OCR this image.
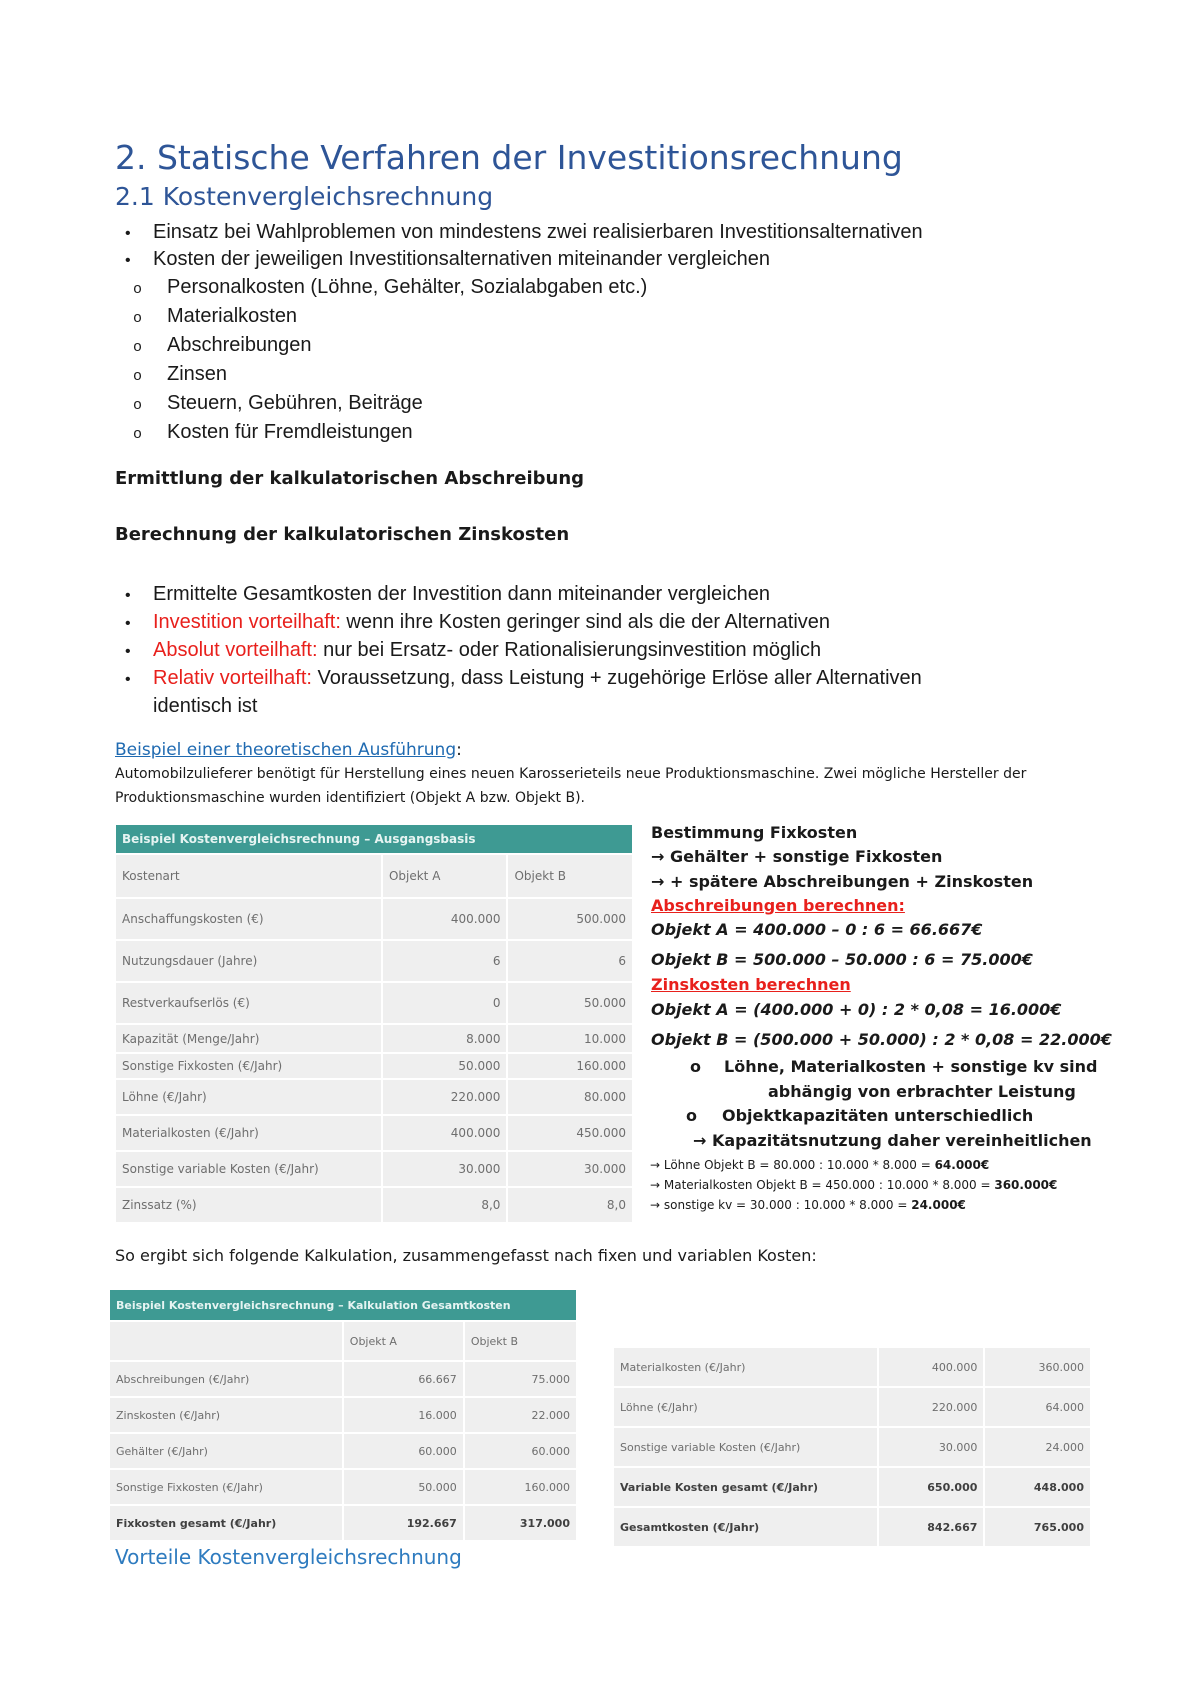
2. Statische Verfahren der Investitionsrechnung
2.1 Kostenvergleichsrechnung
• Einsatz bei Wahlproblemen von mindestens zwei realisierbaren Investitionsalternativen
• Kosten der jeweiligen Investitionsalternativen miteinander vergleichen
o Personalkosten (Löhne, Gehälter, Sozialabgaben etc.)
o Materialkosten
o Abschreibungen
o Zinsen
o Steuern, Gebühren, Beiträge
o Kosten für Fremdleistungen
Ermittlung der kalkulatorischen Abschreibung
Berechnung der kalkulatorischen Zinskosten
• Ermittelte Gesamtkosten der Investition dann miteinander vergleichen
• Investition vorteilhaft: wenn ihre Kosten geringer sind als die der Alternativen
• Absolut vorteilhaft: nur bei Ersatz- oder Rationalisierungsinvestition möglich
• Relativ vorteilhaft: Voraussetzung, dass Leistung + zugehörige Erlöse aller Alternativen
identisch ist
Beispiel einer theoretischen Ausführung:
Automobilzulieferer benötigt für Herstellung eines neuen Karosserieteils neue Produktionsmaschine. Zwei mögliche Hersteller der
Produktionsmaschine wurden identifiziert (Objekt A bzw. Objekt B).
Beispiel Kostenvergleichsrechnung – Ausgangsbasis		
Kostenart	Objekt A	Objekt B
Anschaffungskosten (€)	400.000	500.000
Nutzungsdauer (Jahre)	6	6
Restverkaufserlös (€)	0	50.000
Kapazität (Menge/Jahr)	8.000	10.000
Sonstige Fixkosten (€/Jahr)	50.000	160.000
Löhne (€/Jahr)	220.000	80.000
Materialkosten (€/Jahr)	400.000	450.000
Sonstige variable Kosten (€/Jahr)	30.000	30.000
Zinssatz (%)	8,0	8,0
Bestimmung Fixkosten
→ Gehälter + sonstige Fixkosten
→ + spätere Abschreibungen + Zinskosten
Abschreibungen berechnen:
Objekt A = 400.000 – 0 : 6 = 66.667€
Objekt B = 500.000 – 50.000 : 6 = 75.000€
Zinskosten berechnen
Objekt A = (400.000 + 0) : 2 * 0,08 = 16.000€
Objekt B = (500.000 + 50.000) : 2 * 0,08 = 22.000€
o Löhne, Materialkosten + sonstige kv sind
abhängig von erbrachter Leistung
o Objektkapazitäten unterschiedlich
→ Kapazitätsnutzung daher vereinheitlichen
→ Löhne Objekt B = 80.000 : 10.000 * 8.000 = 64.000€
→ Materialkosten Objekt B = 450.000 : 10.000 * 8.000 = 360.000€
→ sonstige kv = 30.000 : 10.000 * 8.000 = 24.000€
So ergibt sich folgende Kalkulation, zusammengefasst nach fixen und variablen Kosten:
Beispiel Kostenvergleichsrechnung – Kalkulation Gesamtkosten		
	Objekt A	Objekt B
Abschreibungen (€/Jahr)	66.667	75.000
Zinskosten (€/Jahr)	16.000	22.000
Gehälter (€/Jahr)	60.000	60.000
Sonstige Fixkosten (€/Jahr)	50.000	160.000
Fixkosten gesamt (€/Jahr)	192.667	317.000
Materialkosten (€/Jahr)	400.000	360.000
Löhne (€/Jahr)	220.000	64.000
Sonstige variable Kosten (€/Jahr)	30.000	24.000
Variable Kosten gesamt (€/Jahr)	650.000	448.000
Gesamtkosten (€/Jahr)	842.667	765.000
Vorteile Kostenvergleichsrechnung
